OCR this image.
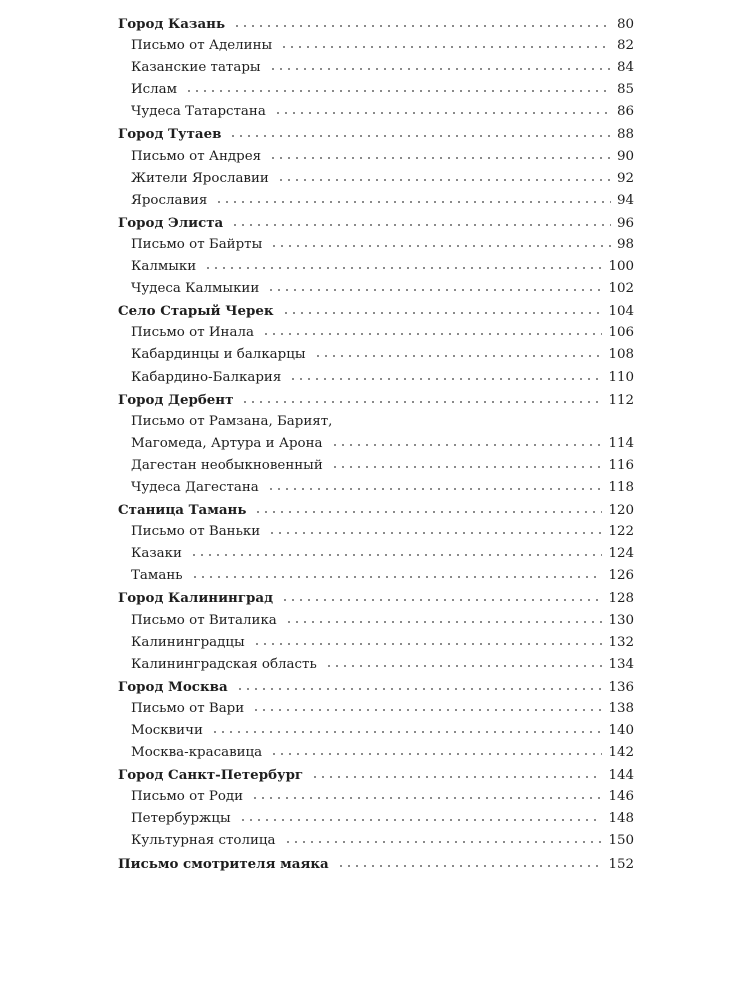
Город Казань	80
Письмо от Аделины	82
Казанские татары	84
Ислам	85
Чудеса Татарстана	86
Город Тутаев	88
Письмо от Андрея	90
Жители Ярославии	92
Ярославия	94
Город Элиста	96
Письмо от Байрты	98
Калмыки	100
Чудеса Калмыкии	102
Село Старый Черек	104
Письмо от Инала	106
Кабардинцы и балкарцы	108
Кабардино-Балкария	110
Город Дербент	112
Письмо от Рамзана, Барият,
Магомеда, Артура и Арона	114
Дагестан необыкновенный	116
Чудеса Дагестана	118
Станица Тамань	120
Письмо от Ваньки	122
Казаки	124
Тамань	126
Город Калининград	128
Письмо от Виталика	130
Калининградцы	132
Калининградская область	134
Город Москва	136
Письмо от Вари	138
Москвичи	140
Москва-красавица	142
Город Санкт-Петербург	144
Письмо от Роди	146
Петербуржцы	148
Культурная столица	150
Письмо смотрителя маяка	152
